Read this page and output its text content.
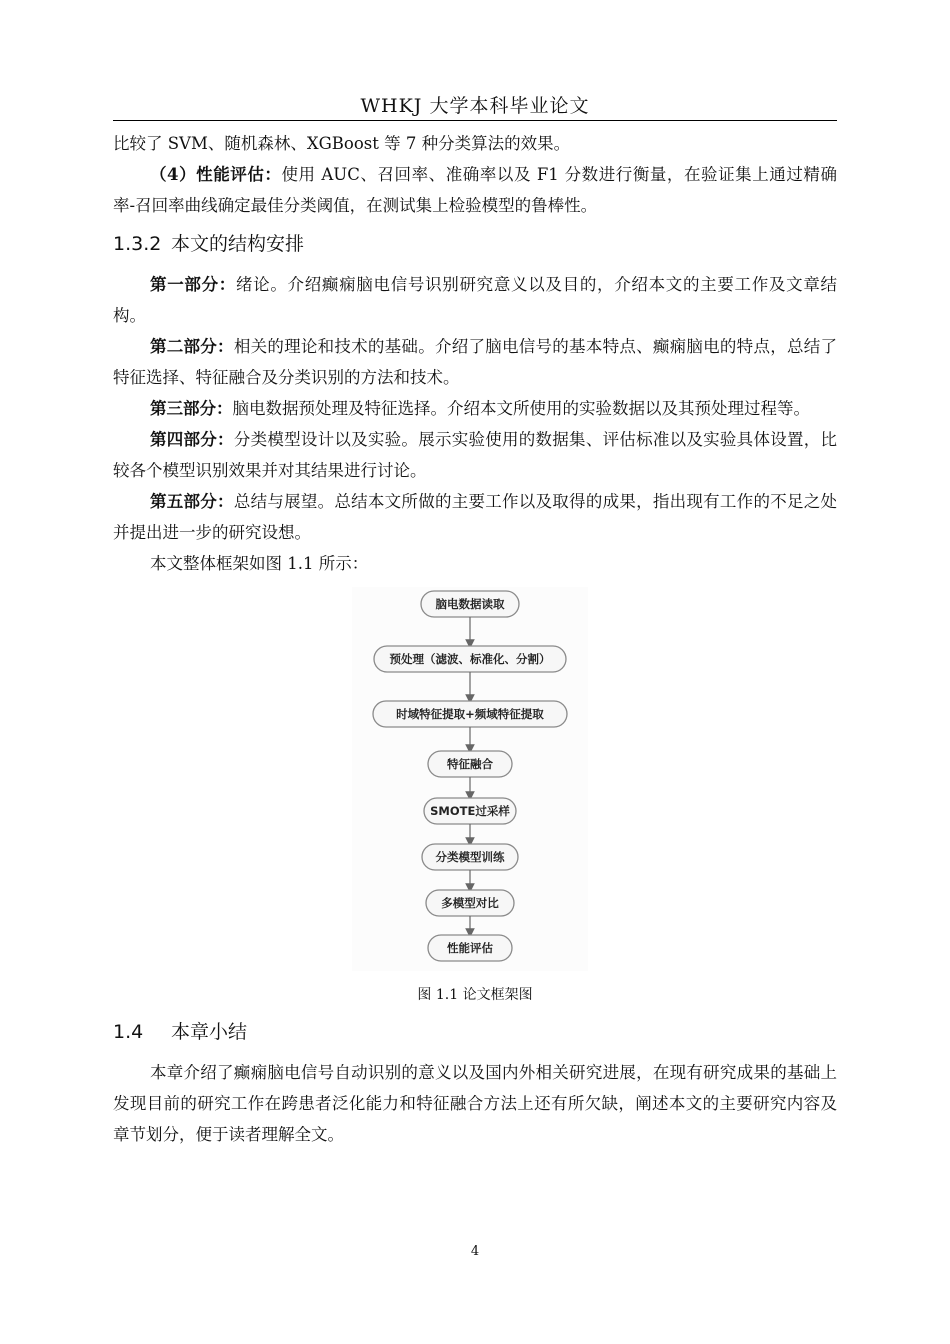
WHKJ 大学本科毕业论文

比较了 SVM、随机森林、XGBoost 等 7 种分类算法的效果。

（4）性能评估：使用 AUC、召回率、准确率以及 F1 分数进行衡量，在验证集上通过精确率-召回率曲线确定最佳分类阈值，在测试集上检验模型的鲁棒性。

1.3.2 本文的结构安排

第一部分：绪论。介绍癫痫脑电信号识别研究意义以及目的，介绍本文的主要工作及文章结构。

第二部分：相关的理论和技术的基础。介绍了脑电信号的基本特点、癫痫脑电的特点，总结了特征选择、特征融合及分类识别的方法和技术。

第三部分：脑电数据预处理及特征选择。介绍本文所使用的实验数据以及其预处理过程等。

第四部分：分类模型设计以及实验。展示实验使用的数据集、评估标准以及实验具体设置，比较各个模型识别效果并对其结果进行讨论。

第五部分：总结与展望。总结本文所做的主要工作以及取得的成果，指出现有工作的不足之处并提出进一步的研究设想。

本文整体框架如图 1.1 所示：

脑电数据读取
预处理（滤波、标准化、分割）
时域特征提取+频域特征提取
特征融合
SMOTE过采样
分类模型训练
多模型对比
性能评估

图 1.1 论文框架图

1.4 本章小结

本章介绍了癫痫脑电信号自动识别的意义以及国内外相关研究进展，在现有研究成果的基础上发现目前的研究工作在跨患者泛化能力和特征融合方法上还有所欠缺，阐述本文的主要研究内容及章节划分，便于读者理解全文。

4
